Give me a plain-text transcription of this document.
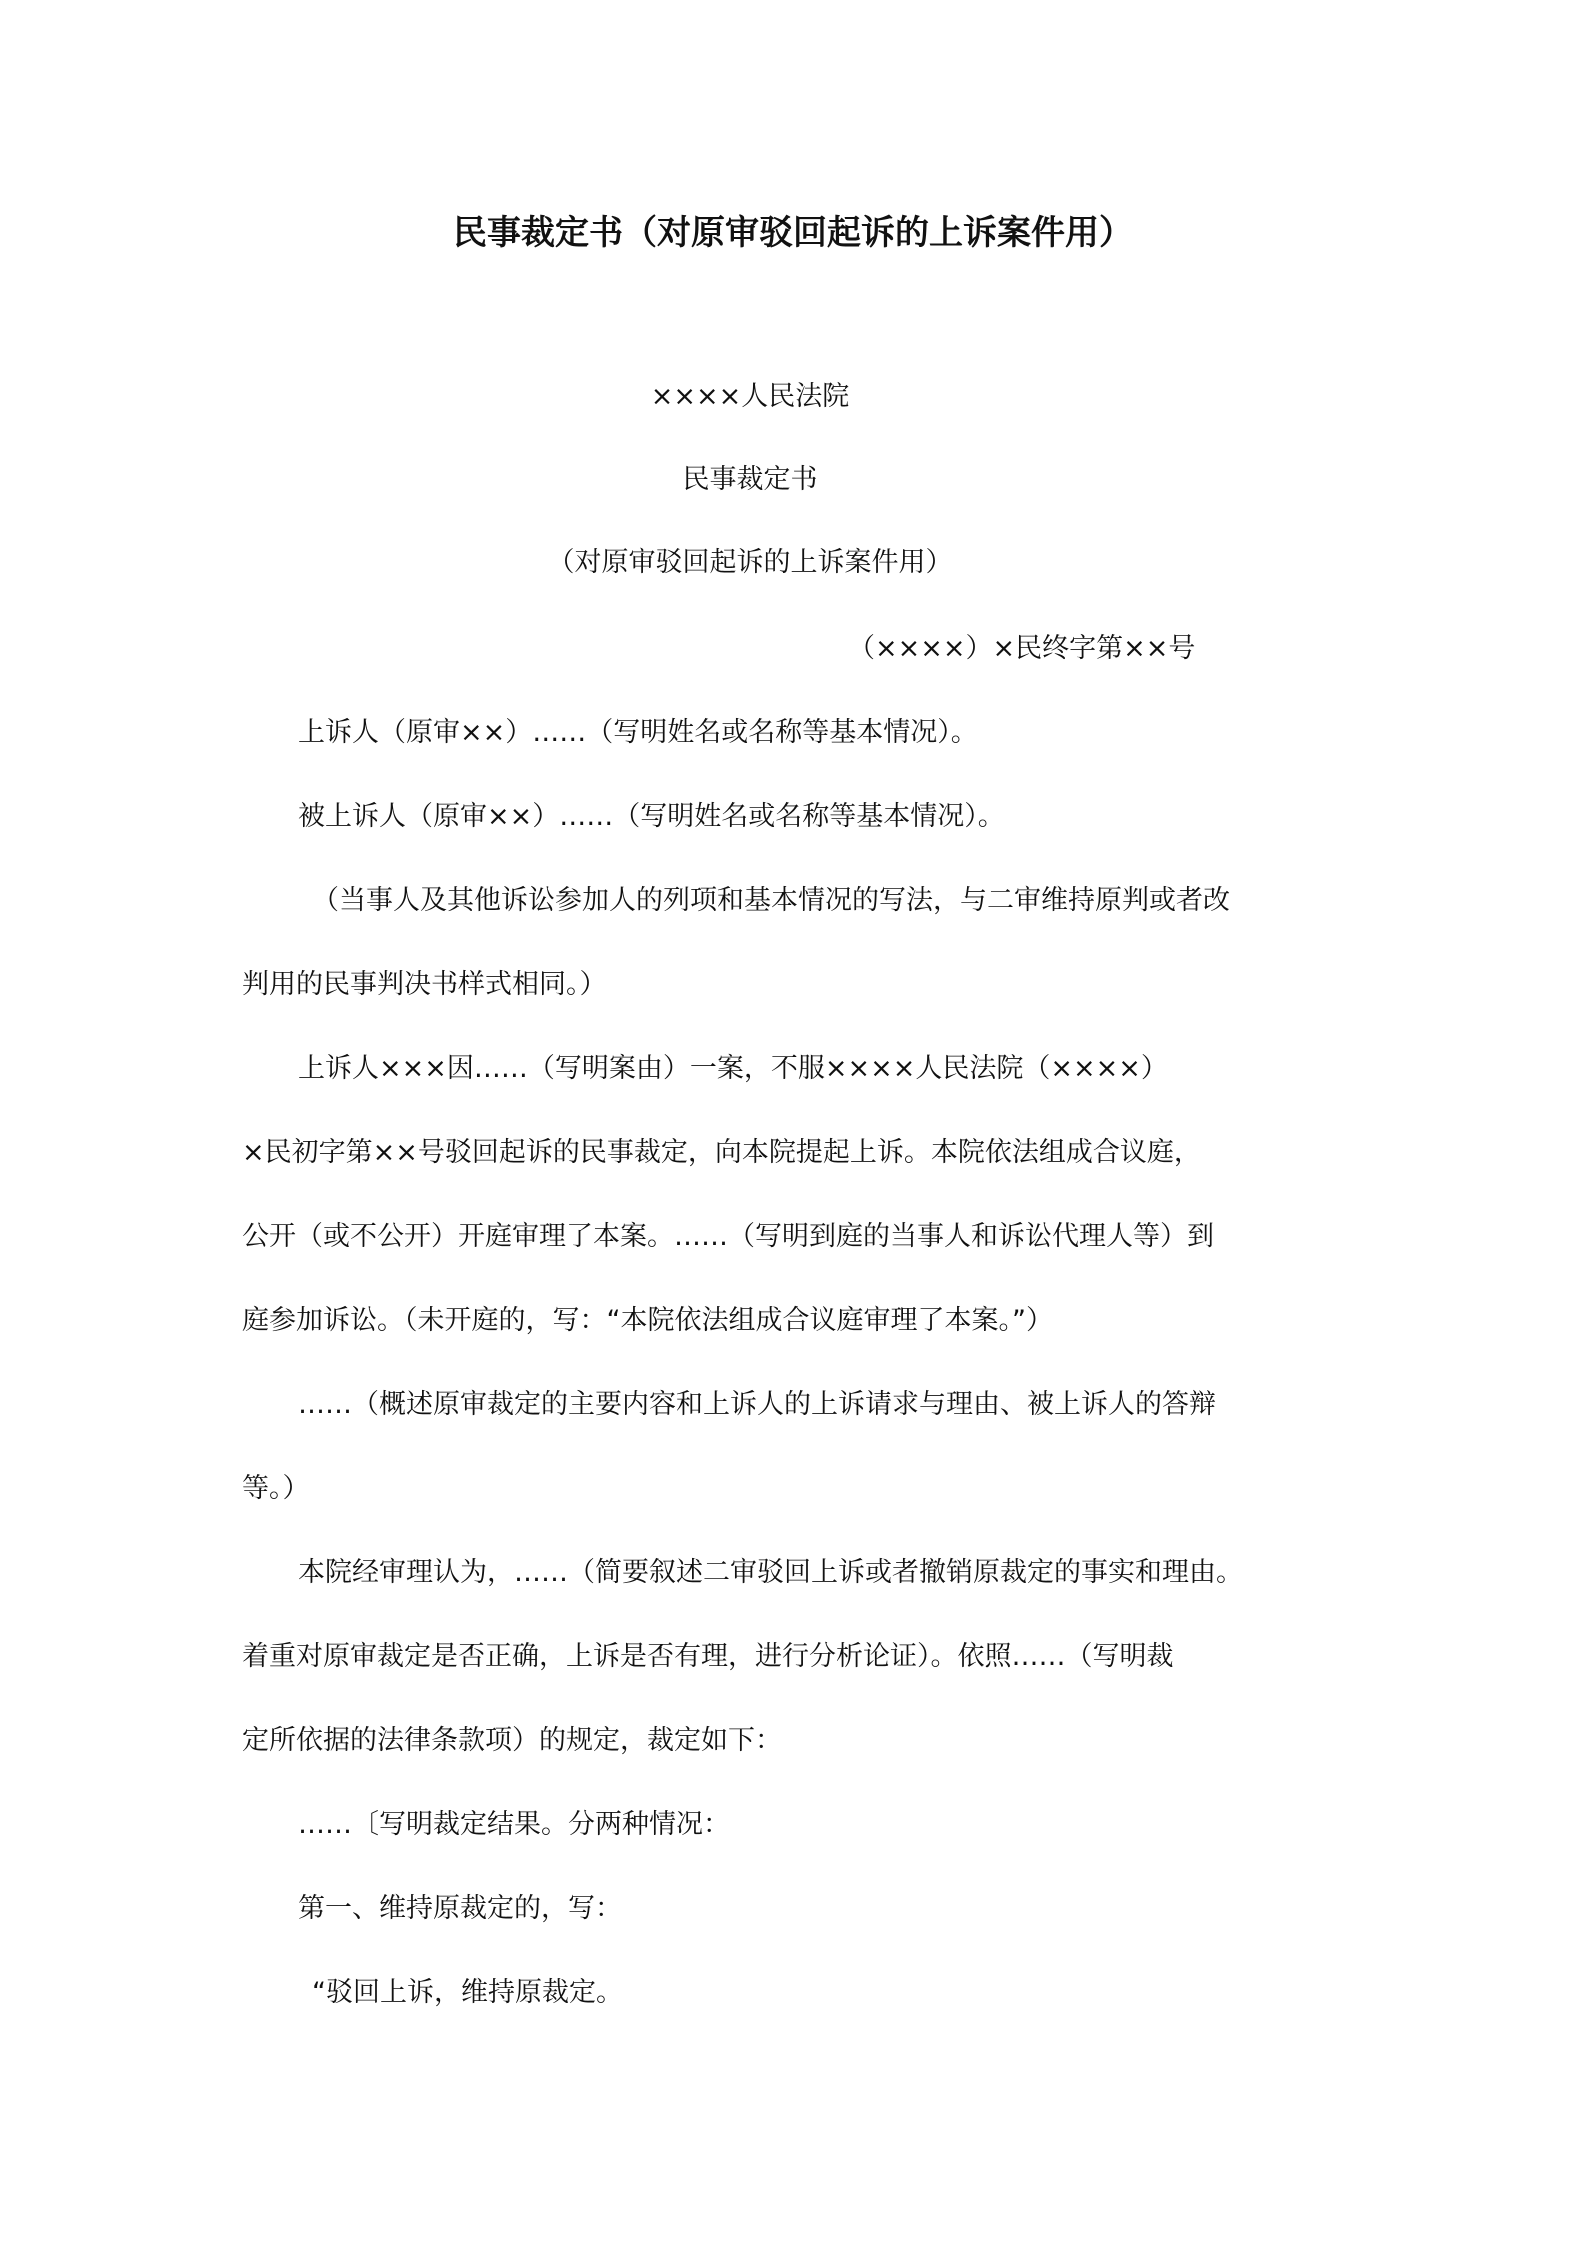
民事裁定书（对原审驳回起诉的上诉案件用）
××××人民法院
民事裁定书
（对原审驳回起诉的上诉案件用）
（××××）×民终字第××号
上诉人（原审××）……（写明姓名或名称等基本情况）。
被上诉人（原审××）……（写明姓名或名称等基本情况）。
（当事人及其他诉讼参加人的列项和基本情况的写法，与二审维持原判或者改
判用的民事判决书样式相同。）
上诉人×××因……（写明案由）一案，不服××××人民法院（××××）
×民初字第××号驳回起诉的民事裁定，向本院提起上诉。本院依法组成合议庭，
公开（或不公开）开庭审理了本案。……（写明到庭的当事人和诉讼代理人等）到
庭参加诉讼。（未开庭的，写：“本院依法组成合议庭审理了本案。”）
……（概述原审裁定的主要内容和上诉人的上诉请求与理由、被上诉人的答辩
等。）
本院经审理认为，……（简要叙述二审驳回上诉或者撤销原裁定的事实和理由。
着重对原审裁定是否正确，上诉是否有理，进行分析论证）。依照……（写明裁
定所依据的法律条款项）的规定，裁定如下：
……〔写明裁定结果。分两种情况：
第一、维持原裁定的，写：
“驳回上诉，维持原裁定。
